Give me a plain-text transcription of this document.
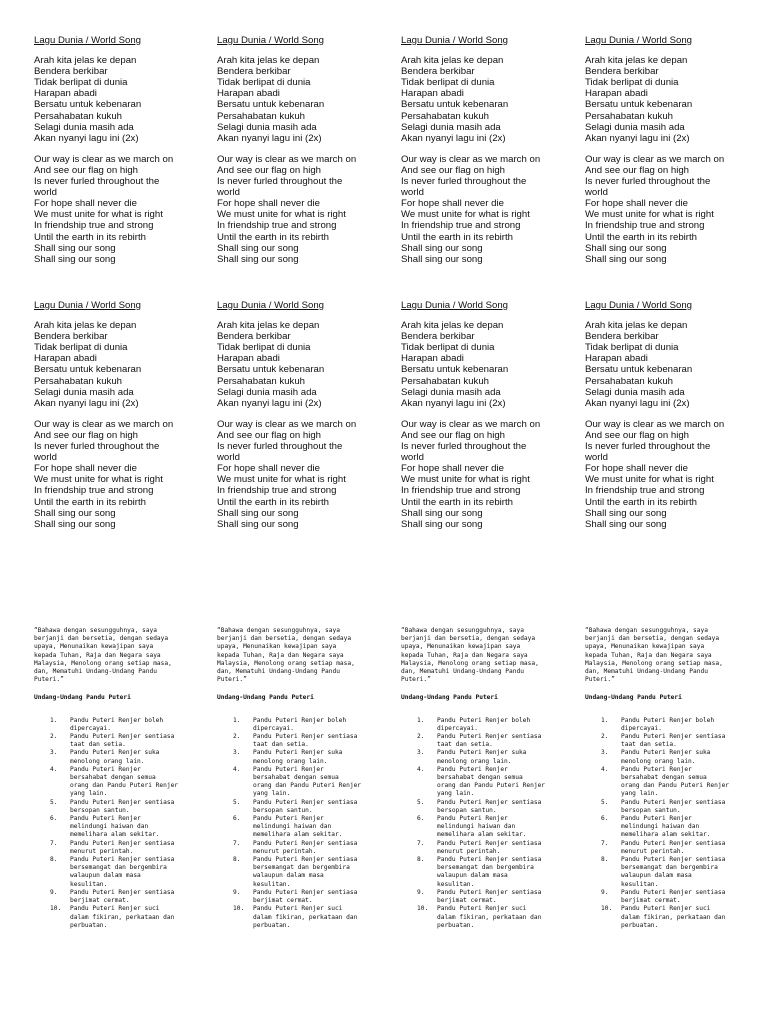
Lagu Dunia / World Song
Arah kita jelas ke depan
Bendera berkibar
Tidak berlipat di dunia
Harapan abadi
Bersatu untuk kebenaran
Persahabatan kukuh
Selagi dunia masih ada
Akan nyanyi lagu ini (2x)
Our way is clear as we march on
And see our flag on high
Is never furled throughout the
world
For hope shall never die
We must unite for what is right
In friendship true and strong
Until the earth in its rebirth
Shall sing our song
Shall sing our song
Lagu Dunia / World Song
Arah kita jelas ke depan
Bendera berkibar
Tidak berlipat di dunia
Harapan abadi
Bersatu untuk kebenaran
Persahabatan kukuh
Selagi dunia masih ada
Akan nyanyi lagu ini (2x)
Our way is clear as we march on
And see our flag on high
Is never furled throughout the
world
For hope shall never die
We must unite for what is right
In friendship true and strong
Until the earth in its rebirth
Shall sing our song
Shall sing our song
Lagu Dunia / World Song
Arah kita jelas ke depan
Bendera berkibar
Tidak berlipat di dunia
Harapan abadi
Bersatu untuk kebenaran
Persahabatan kukuh
Selagi dunia masih ada
Akan nyanyi lagu ini (2x)
Our way is clear as we march on
And see our flag on high
Is never furled throughout the
world
For hope shall never die
We must unite for what is right
In friendship true and strong
Until the earth in its rebirth
Shall sing our song
Shall sing our song
Lagu Dunia / World Song
Arah kita jelas ke depan
Bendera berkibar
Tidak berlipat di dunia
Harapan abadi
Bersatu untuk kebenaran
Persahabatan kukuh
Selagi dunia masih ada
Akan nyanyi lagu ini (2x)
Our way is clear as we march on
And see our flag on high
Is never furled throughout the
world
For hope shall never die
We must unite for what is right
In friendship true and strong
Until the earth in its rebirth
Shall sing our song
Shall sing our song
Lagu Dunia / World Song
Arah kita jelas ke depan
Bendera berkibar
Tidak berlipat di dunia
Harapan abadi
Bersatu untuk kebenaran
Persahabatan kukuh
Selagi dunia masih ada
Akan nyanyi lagu ini (2x)
Our way is clear as we march on
And see our flag on high
Is never furled throughout the
world
For hope shall never die
We must unite for what is right
In friendship true and strong
Until the earth in its rebirth
Shall sing our song
Shall sing our song
Lagu Dunia / World Song
Arah kita jelas ke depan
Bendera berkibar
Tidak berlipat di dunia
Harapan abadi
Bersatu untuk kebenaran
Persahabatan kukuh
Selagi dunia masih ada
Akan nyanyi lagu ini (2x)
Our way is clear as we march on
And see our flag on high
Is never furled throughout the
world
For hope shall never die
We must unite for what is right
In friendship true and strong
Until the earth in its rebirth
Shall sing our song
Shall sing our song
Lagu Dunia / World Song
Arah kita jelas ke depan
Bendera berkibar
Tidak berlipat di dunia
Harapan abadi
Bersatu untuk kebenaran
Persahabatan kukuh
Selagi dunia masih ada
Akan nyanyi lagu ini (2x)
Our way is clear as we march on
And see our flag on high
Is never furled throughout the
world
For hope shall never die
We must unite for what is right
In friendship true and strong
Until the earth in its rebirth
Shall sing our song
Shall sing our song
Lagu Dunia / World Song
Arah kita jelas ke depan
Bendera berkibar
Tidak berlipat di dunia
Harapan abadi
Bersatu untuk kebenaran
Persahabatan kukuh
Selagi dunia masih ada
Akan nyanyi lagu ini (2x)
Our way is clear as we march on
And see our flag on high
Is never furled throughout the
world
For hope shall never die
We must unite for what is right
In friendship true and strong
Until the earth in its rebirth
Shall sing our song
Shall sing our song
“Bahawa dengan sesungguhnya, saya
berjanji dan bersetia, dengan sedaya
upaya, Menunaikan kewajipan saya
kepada Tuhan, Raja dan Negara saya
Malaysia, Menolong orang setiap masa,
dan, Mematuhi Undang-Undang Pandu
Puteri.”
Undang-Undang Pandu Puteri
1. Pandu Puteri Renjer boleh
dipercayai.
2. Pandu Puteri Renjer sentiasa
taat dan setia.
3. Pandu Puteri Renjer suka
menolong orang lain.
4. Pandu Puteri Renjer
bersahabat dengan semua
orang dan Pandu Puteri Renjer
yang lain.
5. Pandu Puteri Renjer sentiasa
bersopan santun.
6. Pandu Puteri Renjer
melindungi haiwan dan
memelihara alam sekitar.
7. Pandu Puteri Renjer sentiasa
menurut perintah.
8. Pandu Puteri Renjer sentiasa
bersemangat dan bergembira
walaupun dalam masa
kesulitan.
9. Pandu Puteri Renjer sentiasa
berjimat cermat.
10. Pandu Puteri Renjer suci
dalam fikiran, perkataan dan
perbuatan.
“Bahawa dengan sesungguhnya, saya
berjanji dan bersetia, dengan sedaya
upaya, Menunaikan kewajipan saya
kepada Tuhan, Raja dan Negara saya
Malaysia, Menolong orang setiap masa,
dan, Mematuhi Undang-Undang Pandu
Puteri.”
Undang-Undang Pandu Puteri
1. Pandu Puteri Renjer boleh
dipercayai.
2. Pandu Puteri Renjer sentiasa
taat dan setia.
3. Pandu Puteri Renjer suka
menolong orang lain.
4. Pandu Puteri Renjer
bersahabat dengan semua
orang dan Pandu Puteri Renjer
yang lain.
5. Pandu Puteri Renjer sentiasa
bersopan santun.
6. Pandu Puteri Renjer
melindungi haiwan dan
memelihara alam sekitar.
7. Pandu Puteri Renjer sentiasa
menurut perintah.
8. Pandu Puteri Renjer sentiasa
bersemangat dan bergembira
walaupun dalam masa
kesulitan.
9. Pandu Puteri Renjer sentiasa
berjimat cermat.
10. Pandu Puteri Renjer suci
dalam fikiran, perkataan dan
perbuatan.
“Bahawa dengan sesungguhnya, saya
berjanji dan bersetia, dengan sedaya
upaya, Menunaikan kewajipan saya
kepada Tuhan, Raja dan Negara saya
Malaysia, Menolong orang setiap masa,
dan, Mematuhi Undang-Undang Pandu
Puteri.”
Undang-Undang Pandu Puteri
1. Pandu Puteri Renjer boleh
dipercayai.
2. Pandu Puteri Renjer sentiasa
taat dan setia.
3. Pandu Puteri Renjer suka
menolong orang lain.
4. Pandu Puteri Renjer
bersahabat dengan semua
orang dan Pandu Puteri Renjer
yang lain.
5. Pandu Puteri Renjer sentiasa
bersopan santun.
6. Pandu Puteri Renjer
melindungi haiwan dan
memelihara alam sekitar.
7. Pandu Puteri Renjer sentiasa
menurut perintah.
8. Pandu Puteri Renjer sentiasa
bersemangat dan bergembira
walaupun dalam masa
kesulitan.
9. Pandu Puteri Renjer sentiasa
berjimat cermat.
10. Pandu Puteri Renjer suci
dalam fikiran, perkataan dan
perbuatan.
“Bahawa dengan sesungguhnya, saya
berjanji dan bersetia, dengan sedaya
upaya, Menunaikan kewajipan saya
kepada Tuhan, Raja dan Negara saya
Malaysia, Menolong orang setiap masa,
dan, Mematuhi Undang-Undang Pandu
Puteri.”
Undang-Undang Pandu Puteri
1. Pandu Puteri Renjer boleh
dipercayai.
2. Pandu Puteri Renjer sentiasa
taat dan setia.
3. Pandu Puteri Renjer suka
menolong orang lain.
4. Pandu Puteri Renjer
bersahabat dengan semua
orang dan Pandu Puteri Renjer
yang lain.
5. Pandu Puteri Renjer sentiasa
bersopan santun.
6. Pandu Puteri Renjer
melindungi haiwan dan
memelihara alam sekitar.
7. Pandu Puteri Renjer sentiasa
menurut perintah.
8. Pandu Puteri Renjer sentiasa
bersemangat dan bergembira
walaupun dalam masa
kesulitan.
9. Pandu Puteri Renjer sentiasa
berjimat cermat.
10. Pandu Puteri Renjer suci
dalam fikiran, perkataan dan
perbuatan.
